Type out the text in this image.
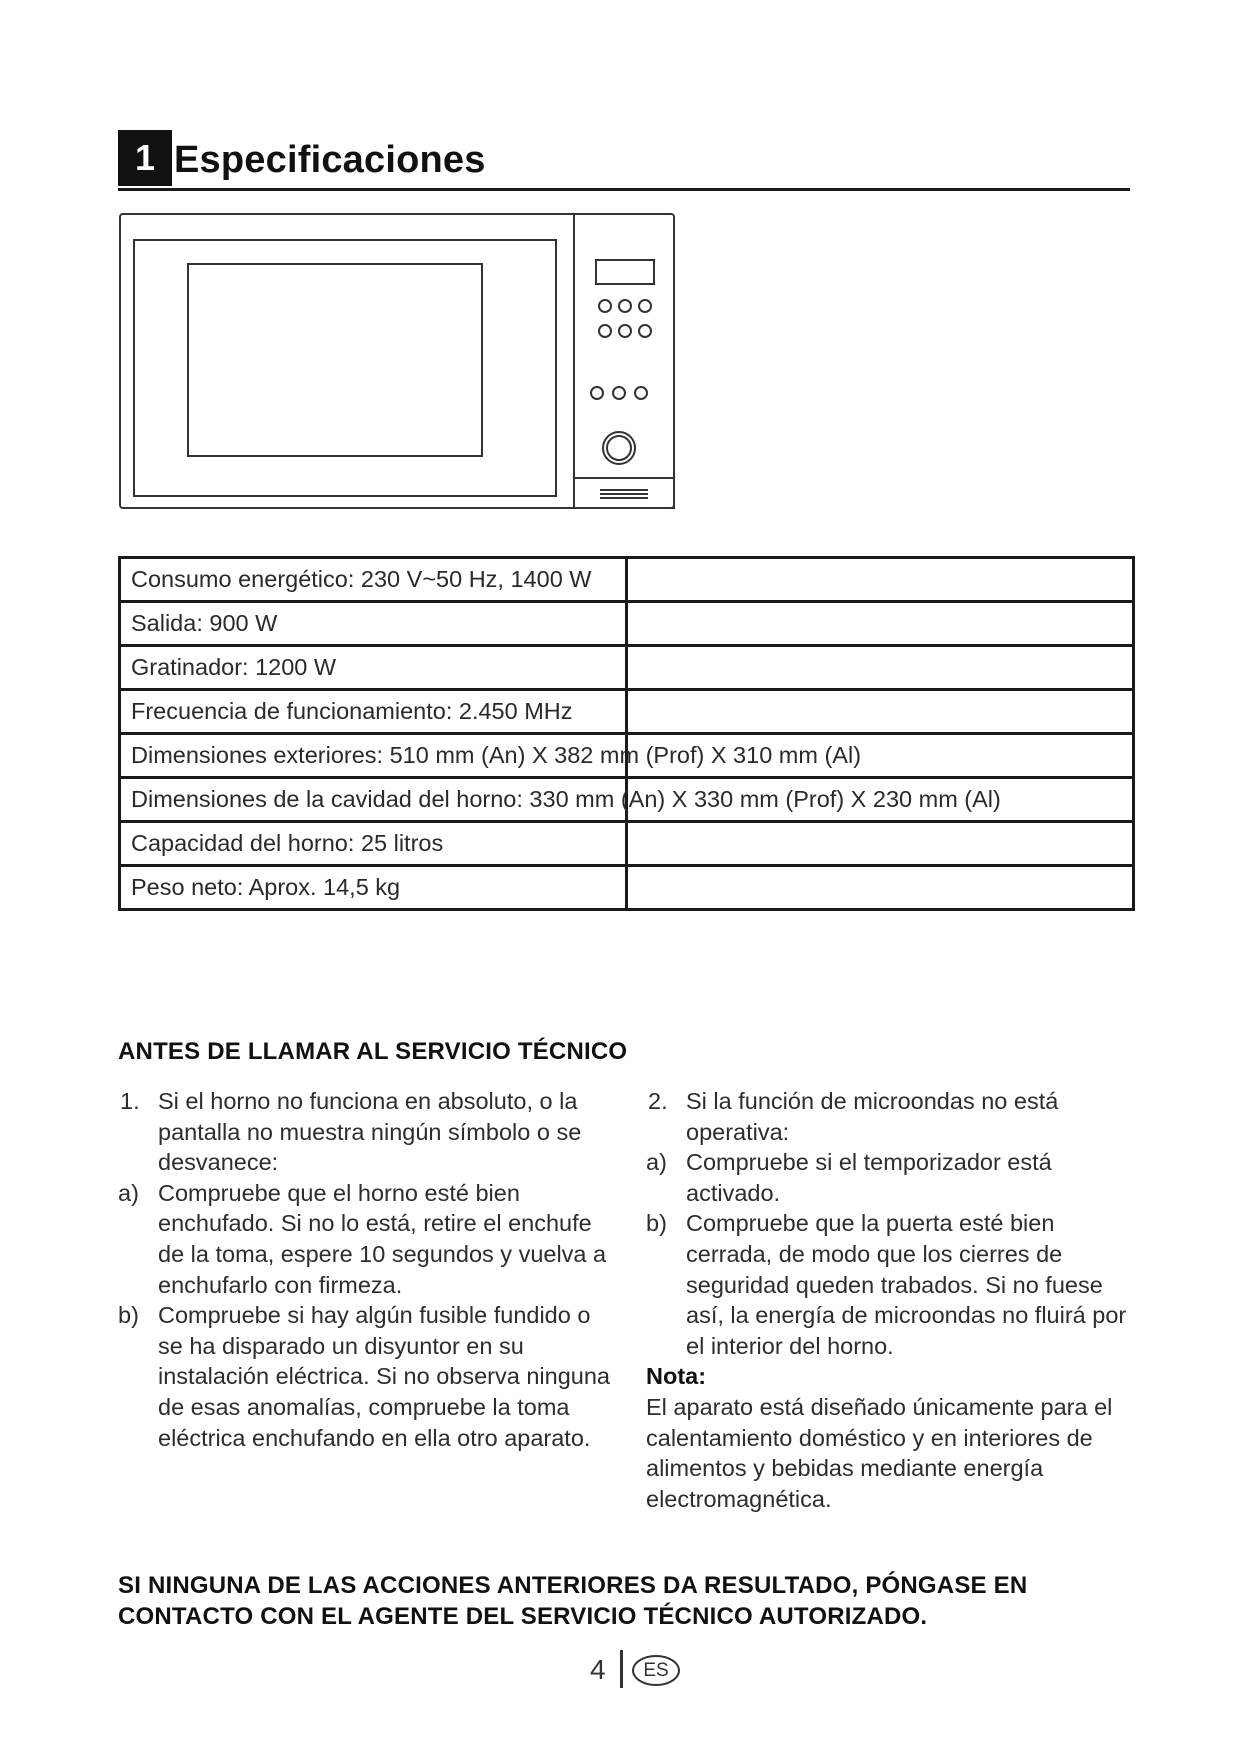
1 Especificaciones
Consumo energético: 230 V~50 Hz, 1400 W	
Salida: 900 W	
Gratinador: 1200 W	
Frecuencia de funcionamiento: 2.450 MHz	

Dimensiones exteriores: 510 mm (An) X 382 mm (Prof) X 310 mm (Al)	

Dimensiones de la cavidad del horno: 330 mm (An) X 330 mm (Prof) X 230 mm (Al)	
Capacidad del horno: 25 litros	
Peso neto: Aprox. 14,5 kg	
ANTES DE LLAMAR AL SERVICIO TÉCNICO
1. Si el horno no funciona en absoluto, o la pantalla no muestra ningún símbolo o se desvanece:
a) Compruebe que el horno esté bien enchufado. Si no lo está, retire el enchufe de la toma, espere 10 segundos y vuelva a enchufarlo con firmeza.
b) Compruebe si hay algún fusible fundido o se ha disparado un disyuntor en su instalación eléctrica. Si no observa ninguna de esas anomalías, compruebe la toma eléctrica enchufando en ella otro aparato.
2. Si la función de microondas no está operativa:
a) Compruebe si el temporizador está activado.
b) Compruebe que la puerta esté bien cerrada, de modo que los cierres de seguridad queden trabados. Si no fuese así, la energía de microondas no fluirá por el interior del horno.
Nota:
El aparato está diseñado únicamente para el calentamiento doméstico y en interiores de alimentos y bebidas mediante energía electromagnética.
SI NINGUNA DE LAS ACCIONES ANTERIORES DA RESULTADO, PÓNGASE EN CONTACTO CON EL AGENTE DEL SERVICIO TÉCNICO AUTORIZADO.
4	ES
